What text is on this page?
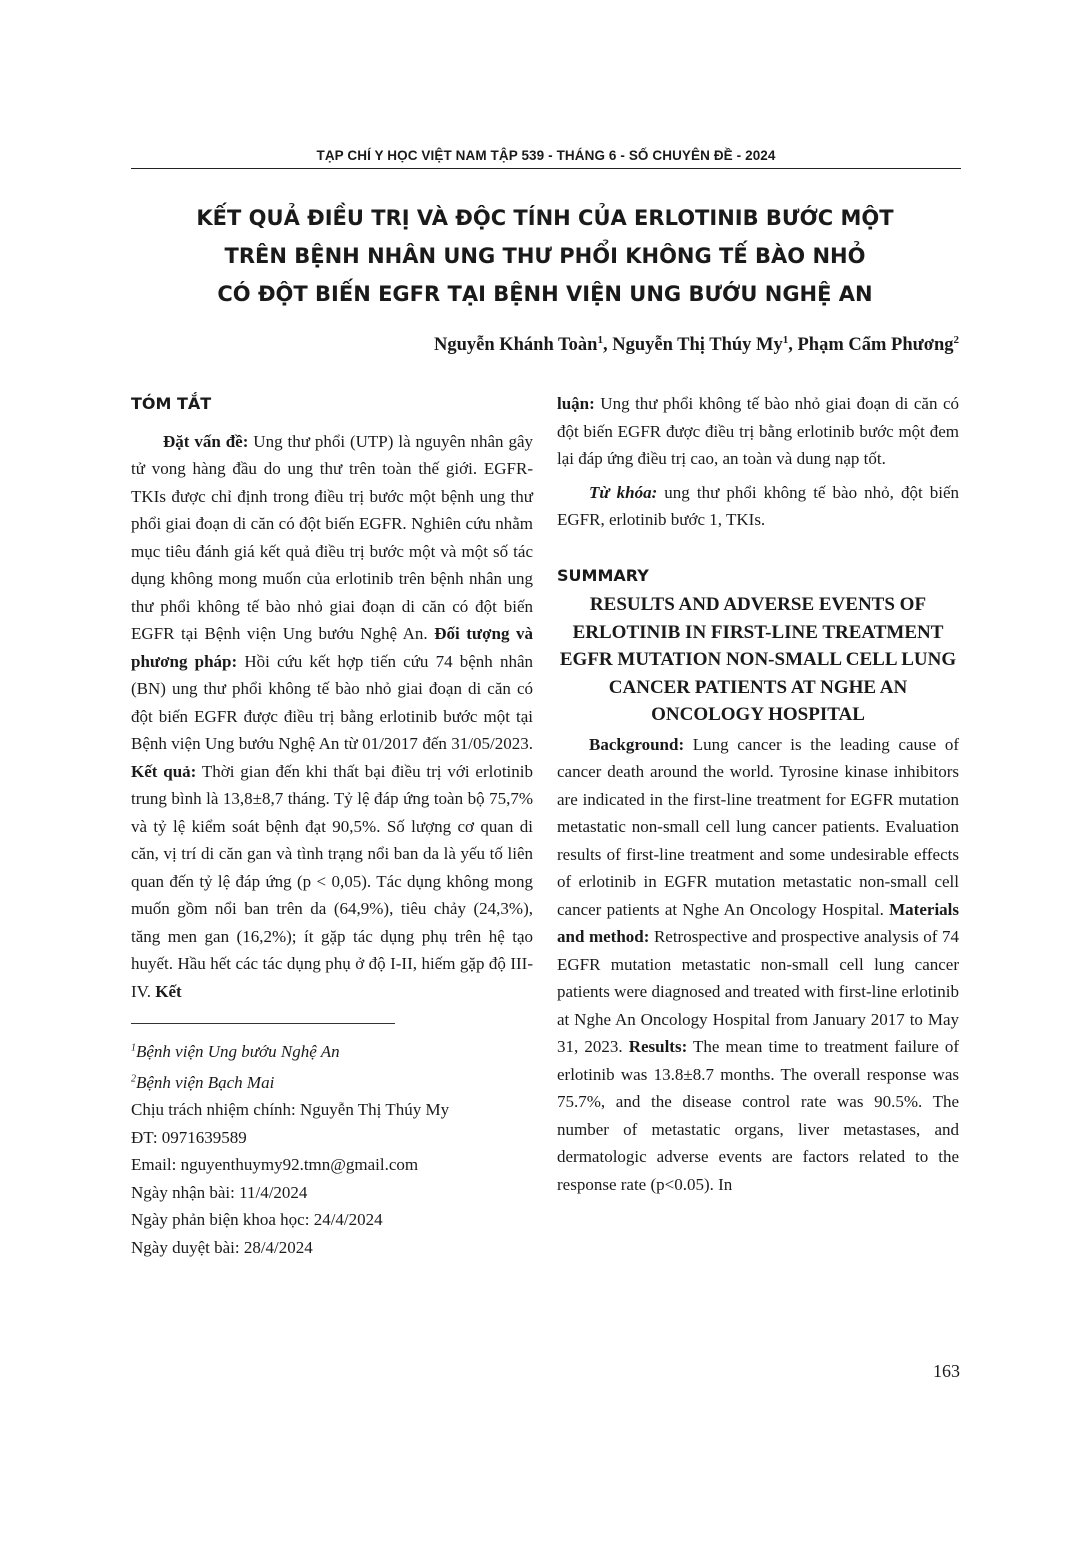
TẠP CHÍ Y HỌC VIỆT NAM TẬP 539 - THÁNG 6 - SỐ CHUYÊN ĐỀ - 2024
KẾT QUẢ ĐIỀU TRỊ VÀ ĐỘC TÍNH CỦA ERLOTINIB BƯỚC MỘT
TRÊN BỆNH NHÂN UNG THƯ PHỔI KHÔNG TẾ BÀO NHỎ
CÓ ĐỘT BIẾN EGFR TẠI BỆNH VIỆN UNG BƯỚU NGHỆ AN
Nguyễn Khánh Toàn$^1$, Nguyễn Thị Thúy My$^1$, Phạm Cẩm Phương$^2$
TÓM TẮT

Đặt vấn đề: Ung thư phổi (UTP) là nguyên nhân gây tử vong hàng đầu do ung thư trên toàn thế giới. EGFR-TKIs được chỉ định trong điều trị bước một bệnh ung thư phổi giai đoạn di căn có đột biến EGFR. Nghiên cứu nhằm mục tiêu đánh giá kết quả điều trị bước một và một số tác dụng không mong muốn của erlotinib trên bệnh nhân ung thư phổi không tế bào nhỏ giai đoạn di căn có đột biến EGFR tại Bệnh viện Ung bướu Nghệ An. Đối tượng và phương pháp: Hồi cứu kết hợp tiến cứu 74 bệnh nhân (BN) ung thư phổi không tế bào nhỏ giai đoạn di căn có đột biến EGFR được điều trị bằng erlotinib bước một tại Bệnh viện Ung bướu Nghệ An từ 01/2017 đến 31/05/2023. Kết quả: Thời gian đến khi thất bại điều trị với erlotinib trung bình là 13,8±8,7 tháng. Tỷ lệ đáp ứng toàn bộ 75,7% và tỷ lệ kiểm soát bệnh đạt 90,5%. Số lượng cơ quan di căn, vị trí di căn gan và tình trạng nổi ban da là yếu tố liên quan đến tỷ lệ đáp ứng (p < 0,05). Tác dụng không mong muốn gồm nổi ban trên da (64,9%), tiêu chảy (24,3%), tăng men gan (16,2%); ít gặp tác dụng phụ trên hệ tạo huyết. Hầu hết các tác dụng phụ ở độ I-II, hiếm gặp độ III-IV. Kết

$^1$Bệnh viện Ung bướu Nghệ An
$^2$Bệnh viện Bạch Mai
Chịu trách nhiệm chính: Nguyễn Thị Thúy My
ĐT: 0971639589
Email: nguyenthuymy92.tmn@gmail.com
Ngày nhận bài: 11/4/2024
Ngày phản biện khoa học: 24/4/2024
Ngày duyệt bài: 28/4/2024

luận: Ung thư phổi không tế bào nhỏ giai đoạn di căn có đột biến EGFR được điều trị bằng erlotinib bước một đem lại đáp ứng điều trị cao, an toàn và dung nạp tốt.

Từ khóa: ung thư phổi không tế bào nhỏ, đột biến EGFR, erlotinib bước 1, TKIs.

SUMMARY
RESULTS AND ADVERSE EVENTS OF ERLOTINIB IN FIRST-LINE TREATMENT EGFR MUTATION NON-SMALL CELL LUNG CANCER PATIENTS AT NGHE AN ONCOLOGY HOSPITAL

Background: Lung cancer is the leading cause of cancer death around the world. Tyrosine kinase inhibitors are indicated in the first-line treatment for EGFR mutation metastatic non-small cell lung cancer patients. Evaluation results of first-line treatment and some undesirable effects of erlotinib in EGFR mutation metastatic non-small cell cancer patients at Nghe An Oncology Hospital. Materials and method: Retrospective and prospective analysis of 74 EGFR mutation metastatic non-small cell lung cancer patients were diagnosed and treated with first-line erlotinib at Nghe An Oncology Hospital from January 2017 to May 31, 2023. Results: The mean time to treatment failure of erlotinib was 13.8±8.7 months. The overall response was 75.7%, and the disease control rate was 90.5%. The number of metastatic organs, liver metastases, and dermatologic adverse events are factors related to the response rate (p<0.05). In

163
